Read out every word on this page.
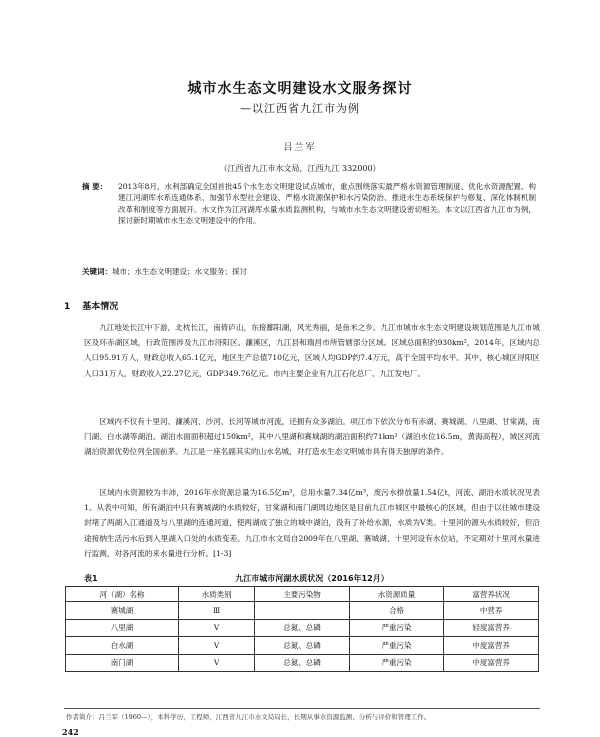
城市水生态文明建设水文服务探讨
—以江西省九江市为例
吕兰军
（江西省九江市水文局，江西九江 332000）
摘 要：	2013年8月，水利部确定全国首批45个水生态文明建设试点城市，重点围绕落实最严格水资源管理制度、优化水资源配置、构建江河湖库水系连通体系、加强节水型社会建设、严格水资源保护和水污染防治、推进水生态系统保护与修复、深化体制机制改革和制度等方面展开。水文作为江河湖库水量水质监测机构，与城市水生态文明建设密切相关。本文以江西省九江市为例，探讨新时期城市水生态文明建设中的作用。
关键词：城市；水生态文明建设；水文服务；探讨
1 基本情况
　　九江地处长江中下游，北枕长江，南倚庐山，东接鄱阳湖，风光秀丽，是鱼米之乡。九江市城市水生态文明建设规划范围是九江市城区及环赤湖区域，行政范围涉及九江市浔阳区、濂溪区，九江县和瑞昌市所管辖部分区域。区域总面积约930km²，2014年，区域内总人口95.91万人，财政总收入65.1亿元，地区生产总值710亿元，区域人均GDP约7.4万元，高于全国平均水平。其中，核心城区浔阳区人口31万人，财政收入22.27亿元，GDP349.76亿元。市内主要企业有九江石化总厂、九江发电厂。
　　区域内不仅有十里河、濂溪河、沙河、长河等城市河流，还拥有众多湖泊。项江市下依次分布有赤湖、赛城湖、八里湖、甘棠湖、南门湖、白水湖等湖泊。湖泊水面面积超过150km²，其中八里湖和赛城湖的湖泊面积约71km²（湖泊水位16.5m，黄海高程），城区河流湖泊资源优势位列全国前茅。九江是一座名副其实的山水名城，对打造水生态文明城市具有得天独厚的条件。
　　区域内水资源较为丰沛，2016年水资源总量为16.5亿m³，总用水量7.34亿m³，废污水排放量1.54亿t，河流、湖泊水质状况见表1。从表中可知，所有湖泊中只有赛城湖的水质较好，甘棠湖和南门湖周边地区是目前九江市城区中最核心的区域，但由于以往城市建设封堵了两湖入江通道及与八里湖的连通河道，使两湖成了独立的城中湖泊，没有了补给水源，水质为V类。十里河的源头水质较好，但沿途接纳生活污水后到入里湖入口处的水质变差。九江市水文局自2009年在八里湖、赛城湖、十里河设有水位站，不定期对十里河水量进行监测，对各河流的来水量进行分析。[1-3]
表1	九江市城市河湖水质状况（2016年12月）
河（湖）名称	水质类别	主要污染物	水资源质量	富营养状况
赛城湖	Ⅲ		合格	中营养
八里湖	V	总氮、总磷	严重污染	轻度富营养
白水湖	V	总氮、总磷	严重污染	中度富营养
南门湖	V	总氮、总磷	严重污染	中度富营养
作者简介：吕兰军（1960—），本科学历，工程师，江西省九江市水文局局长，长期从事水资源监测、分析与评价和管理工作。
242
